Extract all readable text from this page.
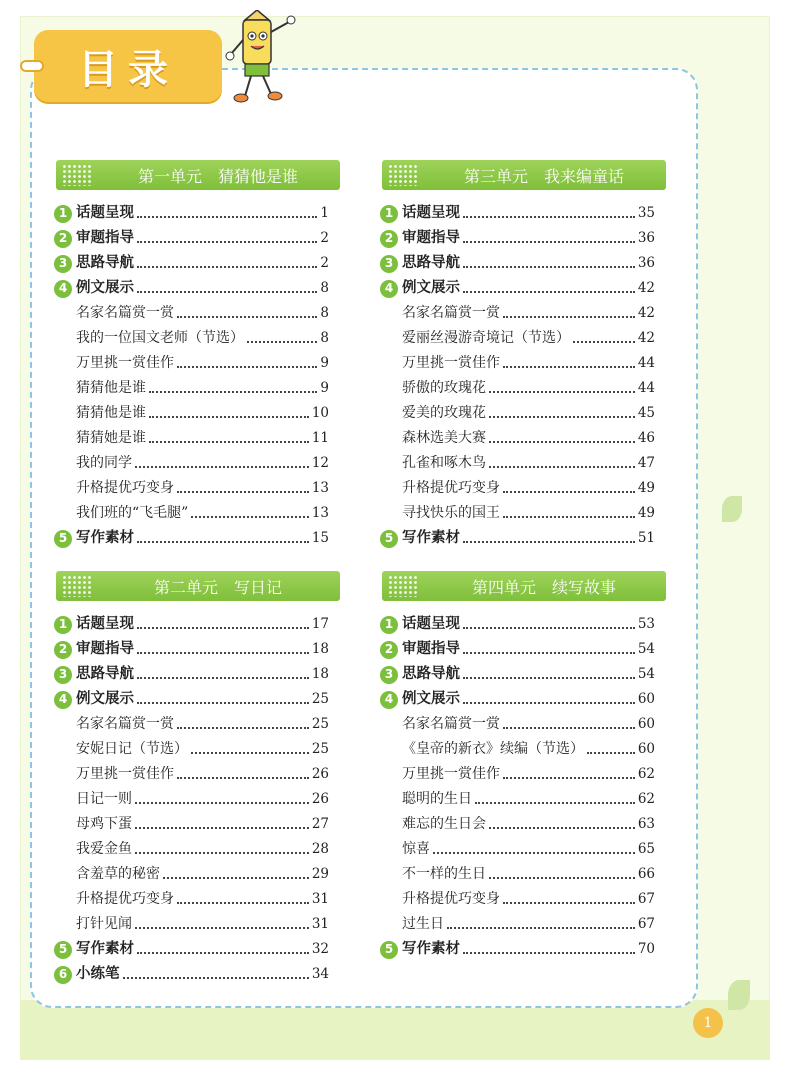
目录
第一单元　猜猜他是谁
1 话题呈现	1
2 审题指导	2
3 思路导航	2
4 例文展示	8
名家名篇赏一赏	8
我的一位国文老师（节选）	8
万里挑一赏佳作	9
猜猜他是谁	9
猜猜他是谁	10
猜猜她是谁	11
我的同学	12
升格提优巧变身	13
我们班的“飞毛腿”	13
5 写作素材	15
第三单元　我来编童话
1 话题呈现	35
2 审题指导	36
3 思路导航	36
4 例文展示	42
名家名篇赏一赏	42
爱丽丝漫游奇境记（节选）	42
万里挑一赏佳作	44
骄傲的玫瑰花	44
爱美的玫瑰花	45
森林选美大赛	46
孔雀和啄木鸟	47
升格提优巧变身	49
寻找快乐的国王	49
5 写作素材	51
第二单元　写日记
1 话题呈现	17
2 审题指导	18
3 思路导航	18
4 例文展示	25
名家名篇赏一赏	25
安妮日记（节选）	25
万里挑一赏佳作	26
日记一则	26
母鸡下蛋	27
我爱金鱼	28
含羞草的秘密	29
升格提优巧变身	31
打针见闻	31
5 写作素材	32
6 小练笔	34
第四单元　续写故事
1 话题呈现	53
2 审题指导	54
3 思路导航	54
4 例文展示	60
名家名篇赏一赏	60
《皇帝的新衣》续编（节选）	60
万里挑一赏佳作	62
聪明的生日	62
难忘的生日会	63
惊喜	65
不一样的生日	66
升格提优巧变身	67
过生日	67
5 写作素材	70
1
